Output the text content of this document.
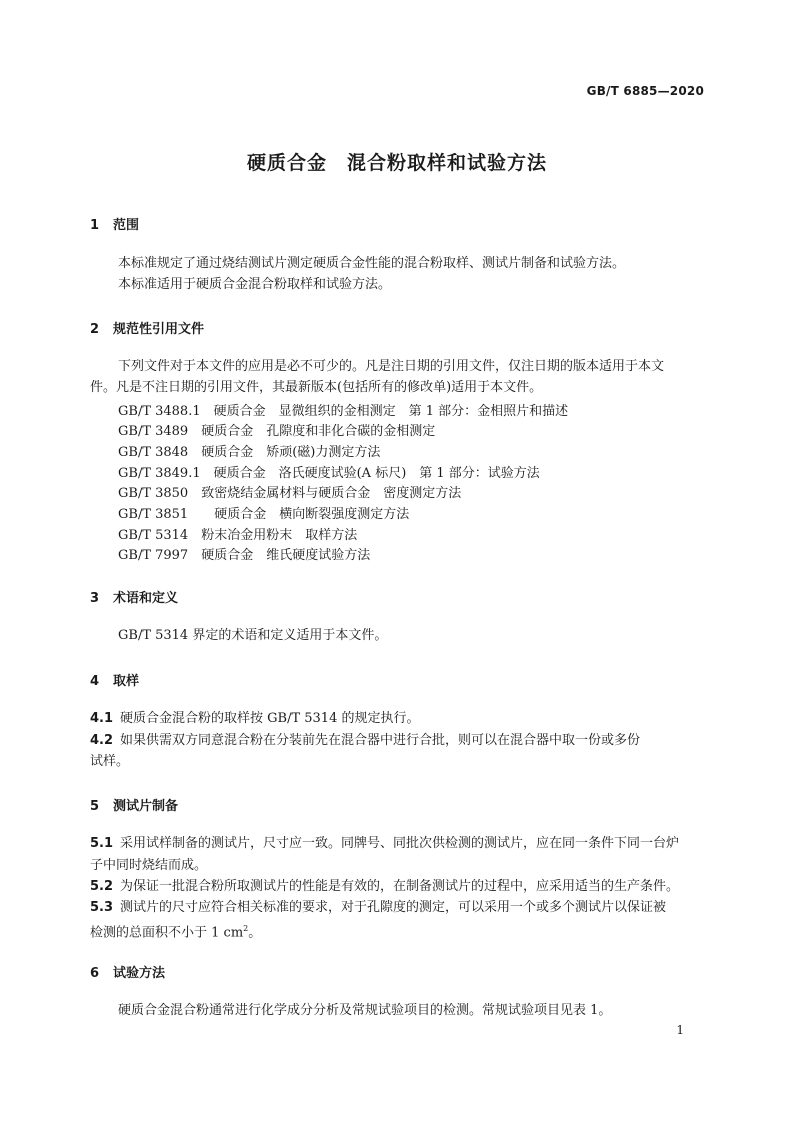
GB/T 6885—2020
硬质合金　 混合粉取样和试验方法
1 范围
本标准规定了通过烧结测试片测定硬质合金性能的混合粉取样、测试片制备和试验方法。
本标准适用于硬质合金混合粉取样和试验方法。
2 规范性引用文件
下列文件对于本文件的应用是必不可少的。凡是注日期的引用文件，仅注日期的版本适用于本文
件。凡是不注日期的引用文件，其最新版本(包括所有的修改单)适用于本文件。
GB/T 3488.1　硬质合金　显微组织的金相测定　第 1 部分：金相照片和描述
GB/T 3489　硬质合金　孔隙度和非化合碳的金相测定
GB/T 3848　硬质合金　矫顽(磁)力测定方法
GB/T 3849.1　硬质合金　洛氏硬度试验(A 标尺)　第 1 部分：试验方法
GB/T 3850　致密烧结金属材料与硬质合金　密度测定方法
GB/T 3851　　硬质合金　横向断裂强度测定方法
GB/T 5314　粉末冶金用粉末　取样方法
GB/T 7997　硬质合金　维氏硬度试验方法
3 术语和定义
GB/T 5314 界定的术语和定义适用于本文件。
4 取样
4.1 硬质合金混合粉的取样按 GB/T 5314 的规定执行。
4.2 如果供需双方同意混合粉在分装前先在混合器中进行合批，则可以在混合器中取一份或多份
试样。
5 测试片制备
5.1 采用试样制备的测试片，尺寸应一致。同牌号、同批次供检测的测试片，应在同一条件下同一台炉
子中同时烧结而成。
5.2 为保证一批混合粉所取测试片的性能是有效的，在制备测试片的过程中，应采用适当的生产条件。
5.3 测试片的尺寸应符合相关标准的要求，对于孔隙度的测定，可以采用一个或多个测试片以保证被
检测的总面积不小于 1 $cm^2$。
6 试验方法
硬质合金混合粉通常进行化学成分分析及常规试验项目的检测。常规试验项目见表 1。
1
